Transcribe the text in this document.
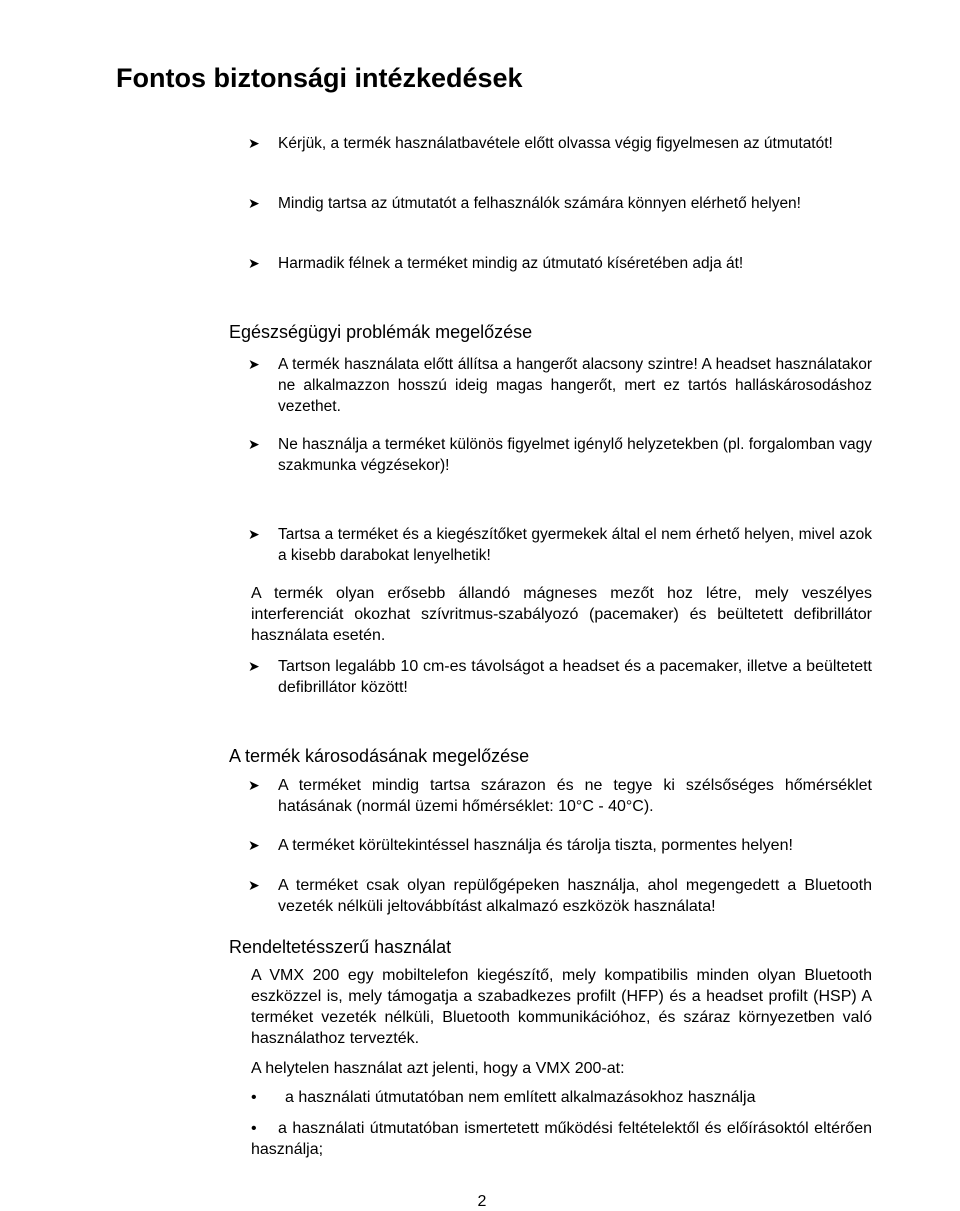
Fontos biztonsági intézkedések
➤ Kérjük, a termék használatbavétele előtt olvassa végig figyelmesen az útmutatót!
➤ Mindig tartsa az útmutatót a felhasználók számára könnyen elérhető helyen!
➤ Harmadik félnek a terméket mindig az útmutató kíséretében adja át!
Egészségügyi problémák megelőzése
➤ A termék használata előtt állítsa a hangerőt alacsony szintre! A headset használatakor ne alkalmazzon hosszú ideig magas hangerőt, mert ez tartós halláskárosodáshoz vezethet.
➤ Ne használja a terméket különös figyelmet igénylő helyzetekben (pl. forgalomban vagy szakmunka végzésekor)!
➤ Tartsa a terméket és a kiegészítőket gyermekek által el nem érhető helyen, mivel azok a kisebb darabokat lenyelhetik!
A termék olyan erősebb állandó mágneses mezőt hoz létre, mely veszélyes interferenciát okozhat szívritmus-szabályozó (pacemaker) és beültetett defibrillátor használata esetén.
➤ Tartson legalább 10 cm-es távolságot a headset és a pacemaker, illetve a beültetett defibrillátor között!
A termék károsodásának megelőzése
➤ A terméket mindig tartsa szárazon és ne tegye ki szélsőséges hőmérséklet hatásának (normál üzemi hőmérséklet: 10°C - 40°C).
➤ A terméket körültekintéssel használja és tárolja tiszta, pormentes helyen!
➤ A terméket csak olyan repülőgépeken használja, ahol megengedett a Bluetooth vezeték nélküli jeltovábbítást alkalmazó eszközök használata!
Rendeltetésszerű használat
A VMX 200 egy mobiltelefon kiegészítő, mely kompatibilis minden olyan Bluetooth eszközzel is, mely támogatja a szabadkezes profilt (HFP) és a headset profilt (HSP) A terméket vezeték nélküli, Bluetooth kommunikációhoz, és száraz környezetben való használathoz tervezték.
A helytelen használat azt jelenti, hogy a VMX 200-at:
• a használati útmutatóban nem említett alkalmazásokhoz használja
•	a használati útmutatóban ismertetett működési feltételektől és előírásoktól eltérően használja;
2
